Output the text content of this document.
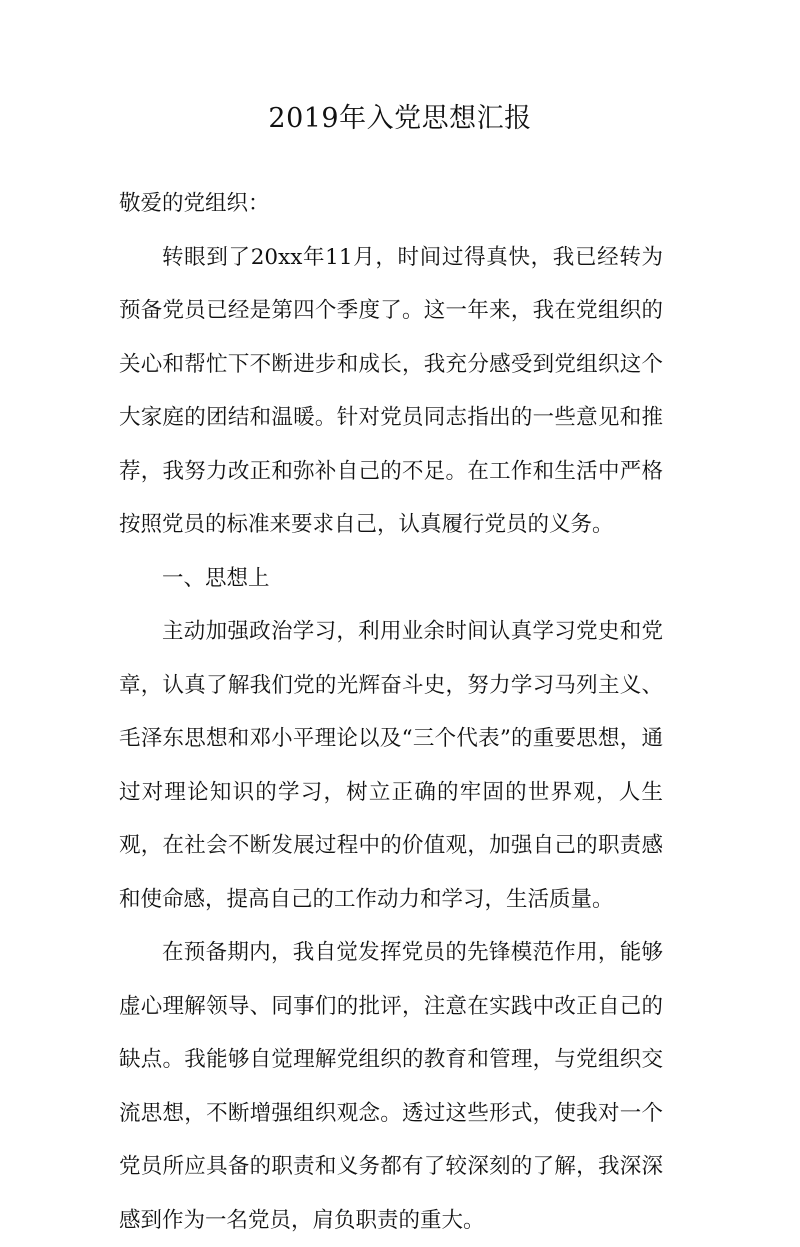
2019年入党思想汇报

敬爱的党组织：

转眼到了20xx年11月，时间过得真快，我已经转为预备党员已经是第四个季度了。这一年来，我在党组织的关心和帮忙下不断进步和成长，我充分感受到党组织这个大家庭的团结和温暖。针对党员同志指出的一些意见和推荐，我努力改正和弥补自己的不足。在工作和生活中严格按照党员的标准来要求自己，认真履行党员的义务。

一、思想上

主动加强政治学习，利用业余时间认真学习党史和党章，认真了解我们党的光辉奋斗史，努力学习马列主义、毛泽东思想和邓小平理论以及“三个代表”的重要思想，通过对理论知识的学习，树立正确的牢固的世界观，人生观，在社会不断发展过程中的价值观，加强自己的职责感和使命感，提高自己的工作动力和学习，生活质量。

在预备期内，我自觉发挥党员的先锋模范作用，能够虚心理解领导、同事们的批评，注意在实践中改正自己的缺点。我能够自觉理解党组织的教育和管理，与党组织交流思想，不断增强组织观念。透过这些形式，使我对一个党员所应具备的职责和义务都有了较深刻的了解，我深深感到作为一名党员，肩负职责的重大。
